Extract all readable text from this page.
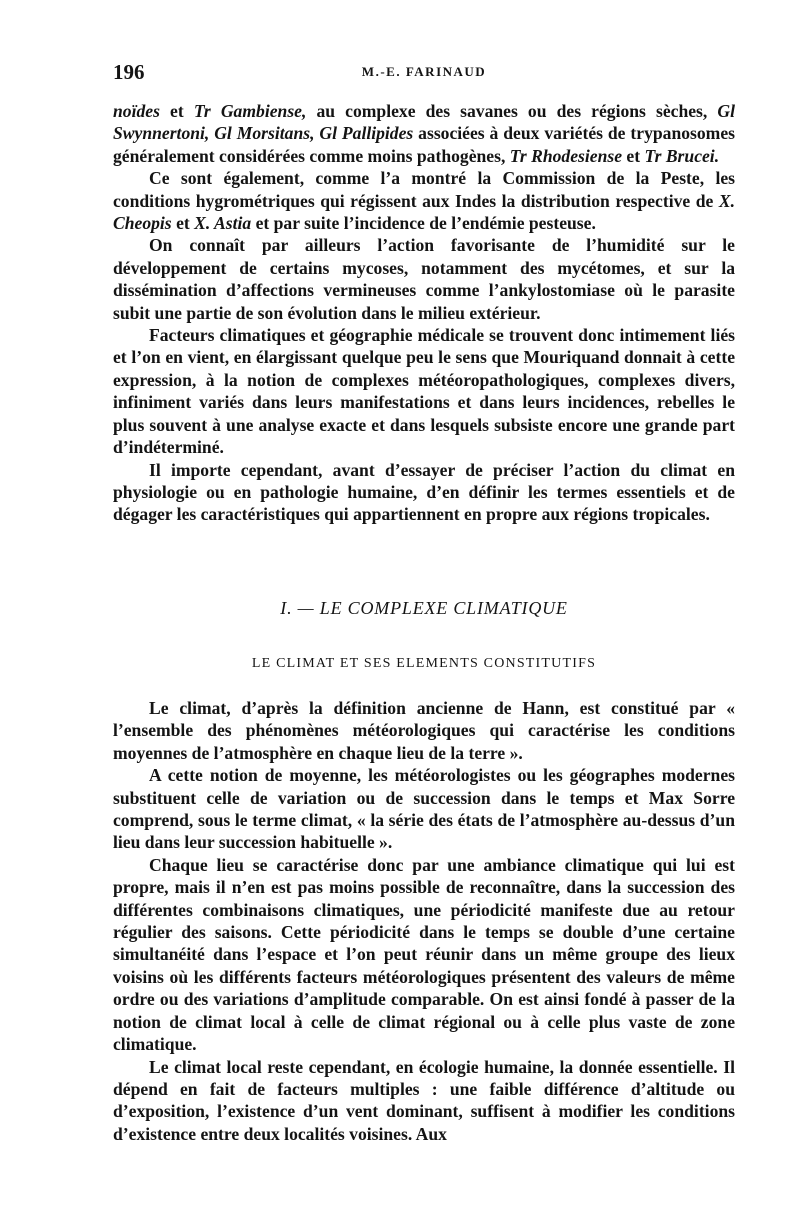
196	M.-E. FARINAUD

noïdes et Tr Gambiense, au complexe des savanes ou des régions sèches, Gl Swynnertoni, Gl Morsitans, Gl Pallipides associées à deux variétés de trypanosomes généralement considérées comme moins pathogènes, Tr Rhodesiense et Tr Brucei.

Ce sont également, comme l’a montré la Commission de la Peste, les conditions hygrométriques qui régissent aux Indes la distribution respective de X. Cheopis et X. Astia et par suite l’incidence de l’endémie pesteuse.

On connaît par ailleurs l’action favorisante de l’humidité sur le développement de certains mycoses, notamment des mycétomes, et sur la dissémination d’affections vermineuses comme l’ankylostomiase où le parasite subit une partie de son évolution dans le milieu extérieur.

Facteurs climatiques et géographie médicale se trouvent donc intimement liés et l’on en vient, en élargissant quelque peu le sens que Mouriquand donnait à cette expression, à la notion de complexes météoropathologiques, complexes divers, infiniment variés dans leurs manifestations et dans leurs incidences, rebelles le plus souvent à une analyse exacte et dans lesquels subsiste encore une grande part d’indéterminé.

Il importe cependant, avant d’essayer de préciser l’action du climat en physiologie ou en pathologie humaine, d’en définir les termes essentiels et de dégager les caractéristiques qui appartiennent en propre aux régions tropicales.

I. — LE COMPLEXE CLIMATIQUE
LE CLIMAT ET SES ELEMENTS CONSTITUTIFS

Le climat, d’après la définition ancienne de Hann, est constitué par « l’ensemble des phénomènes météorologiques qui caractérise les conditions moyennes de l’atmosphère en chaque lieu de la terre ».

A cette notion de moyenne, les météorologistes ou les géographes modernes substituent celle de variation ou de succession dans le temps et Max Sorre comprend, sous le terme climat, « la série des états de l’atmosphère au-dessus d’un lieu dans leur succession habituelle ».

Chaque lieu se caractérise donc par une ambiance climatique qui lui est propre, mais il n’en est pas moins possible de reconnaître, dans la succession des différentes combinaisons climatiques, une périodicité manifeste due au retour régulier des saisons. Cette périodicité dans le temps se double d’une certaine simultanéité dans l’espace et l’on peut réunir dans un même groupe des lieux voisins où les différents facteurs météorologiques présentent des valeurs de même ordre ou des variations d’amplitude comparable. On est ainsi fondé à passer de la notion de climat local à celle de climat régional ou à celle plus vaste de zone climatique.

Le climat local reste cependant, en écologie humaine, la donnée essentielle. Il dépend en fait de facteurs multiples : une faible différence d’altitude ou d’exposition, l’existence d’un vent dominant, suffisent à modifier les conditions d’existence entre deux localités voisines. Aux
